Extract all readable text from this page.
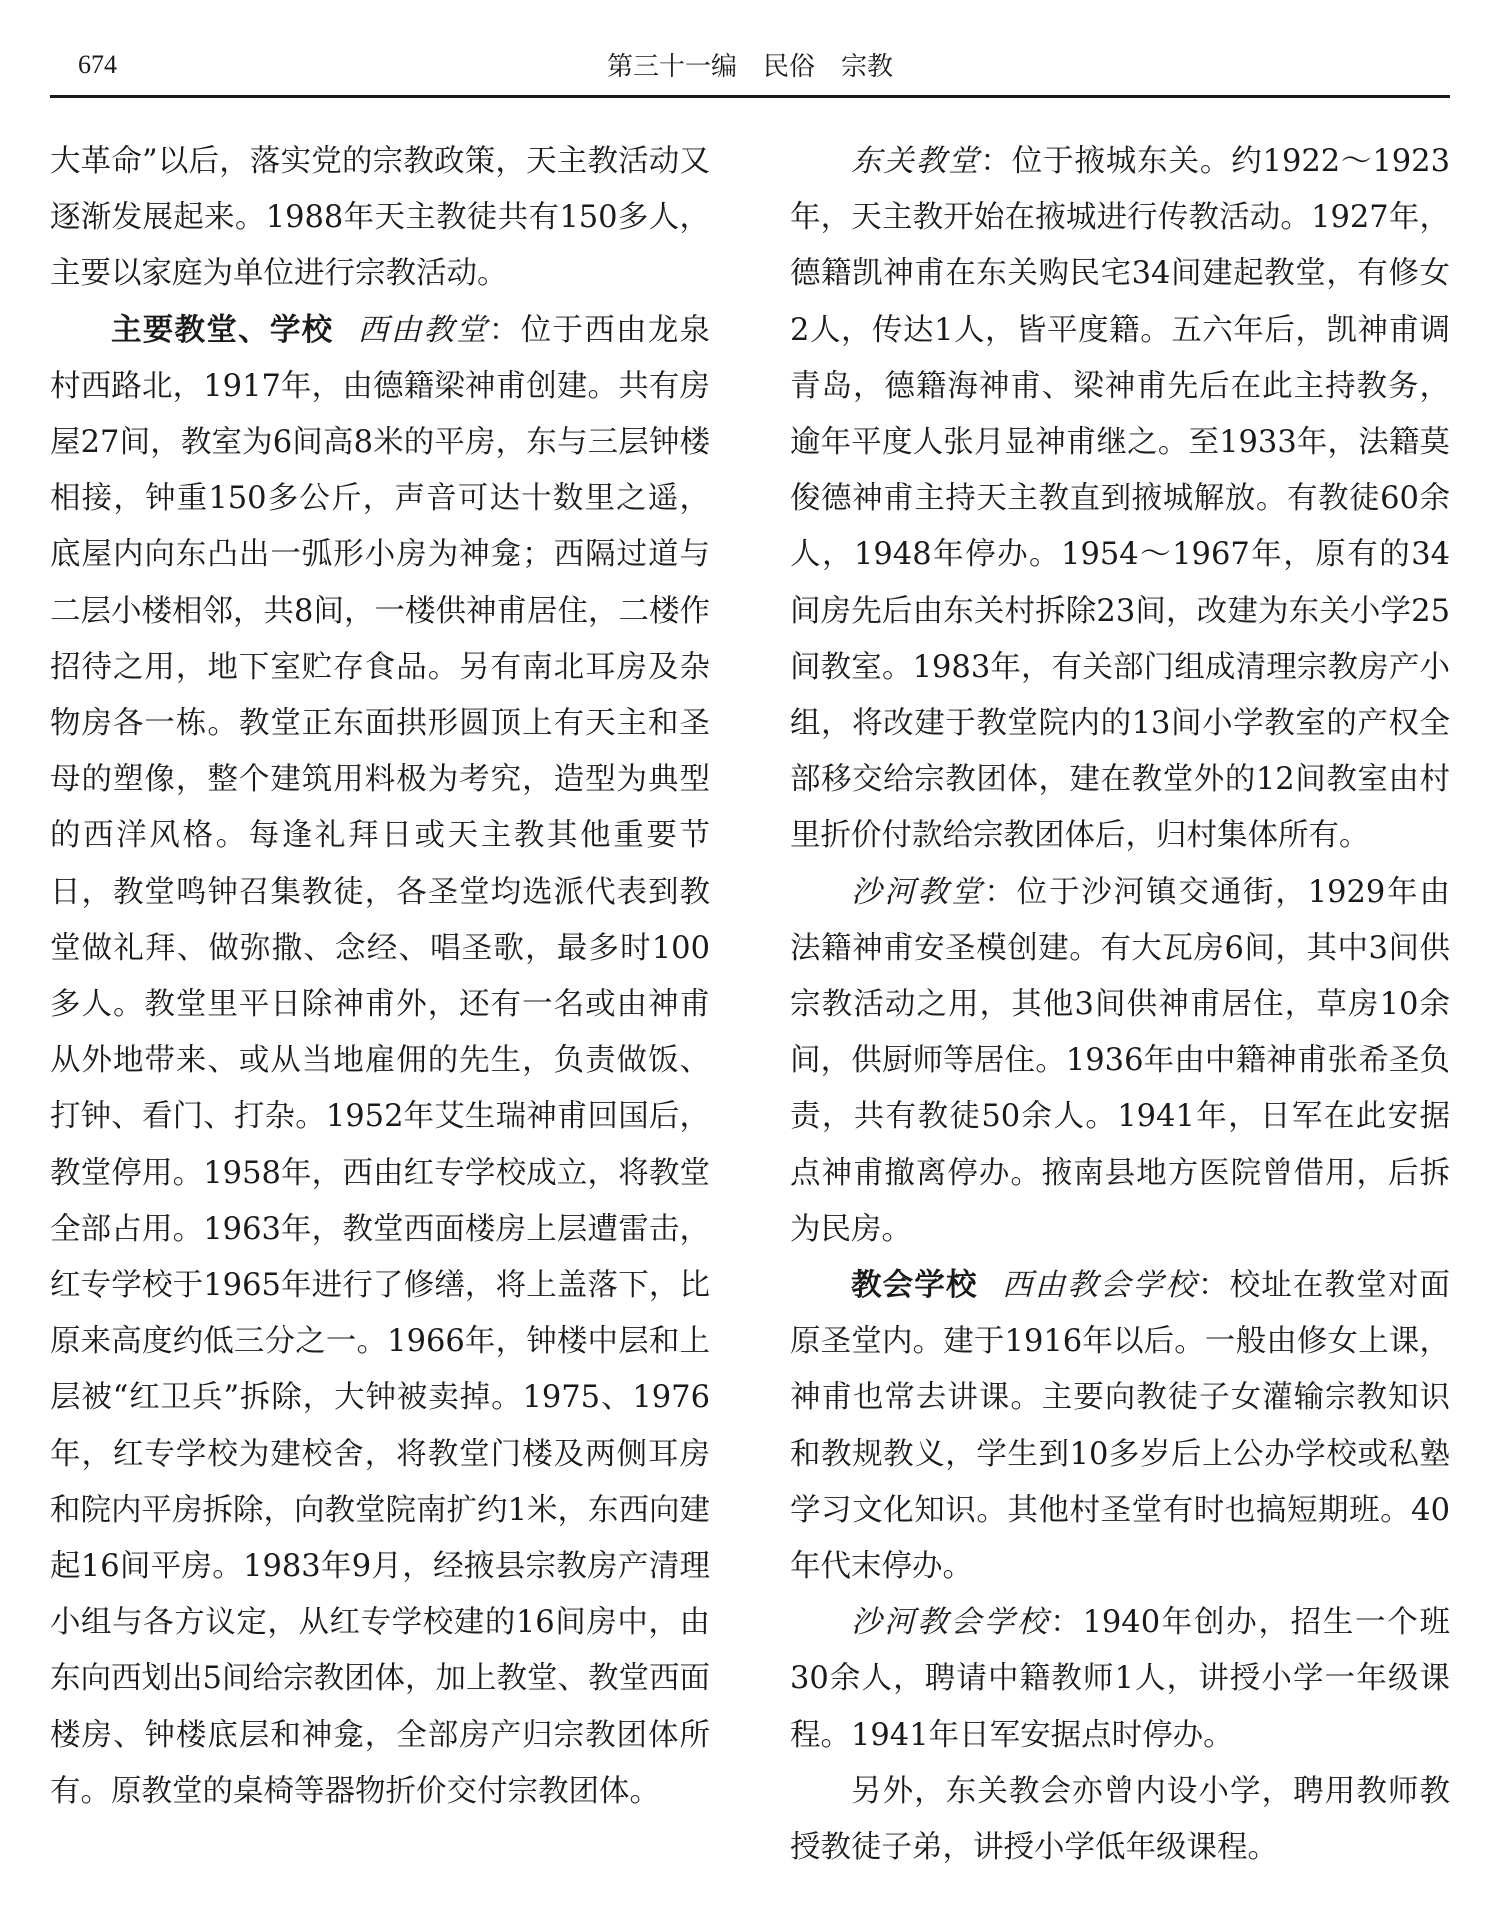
674	第三十一编　民俗　宗教

大革命”以后，落实党的宗教政策，天主教活动又逐渐发展起来。1988年天主教徒共有150多人，主要以家庭为单位进行宗教活动。

主要教堂、学校 西由教堂：位于西由龙泉村西路北，1917年，由德籍梁神甫创建。共有房屋27间，教室为6间高8米的平房，东与三层钟楼相接，钟重150多公斤，声音可达十数里之遥，底屋内向东凸出一弧形小房为神龛；西隔过道与二层小楼相邻，共8间，一楼供神甫居住，二楼作招待之用，地下室贮存食品。另有南北耳房及杂物房各一栋。教堂正东面拱形圆顶上有天主和圣母的塑像，整个建筑用料极为考究，造型为典型的西洋风格。每逢礼拜日或天主教其他重要节日，教堂鸣钟召集教徒，各圣堂均选派代表到教堂做礼拜、做弥撒、念经、唱圣歌，最多时100多人。教堂里平日除神甫外，还有一名或由神甫从外地带来、或从当地雇佣的先生，负责做饭、打钟、看门、打杂。1952年艾生瑞神甫回国后，教堂停用。1958年，西由红专学校成立，将教堂全部占用。1963年，教堂西面楼房上层遭雷击，红专学校于1965年进行了修缮，将上盖落下，比原来高度约低三分之一。1966年，钟楼中层和上层被“红卫兵”拆除，大钟被卖掉。1975、1976年，红专学校为建校舍，将教堂门楼及两侧耳房和院内平房拆除，向教堂院南扩约1米，东西向建起16间平房。1983年9月，经掖县宗教房产清理小组与各方议定，从红专学校建的16间房中，由东向西划出5间给宗教团体，加上教堂、教堂西面楼房、钟楼底层和神龛，全部房产归宗教团体所有。原教堂的桌椅等器物折价交付宗教团体。

东关教堂：位于掖城东关。约1922～1923年，天主教开始在掖城进行传教活动。1927年，德籍凯神甫在东关购民宅34间建起教堂，有修女2人，传达1人，皆平度籍。五六年后，凯神甫调青岛，德籍海神甫、梁神甫先后在此主持教务，逾年平度人张月显神甫继之。至1933年，法籍莫俊德神甫主持天主教直到掖城解放。有教徒60余人，1948年停办。1954～1967年，原有的34间房先后由东关村拆除23间，改建为东关小学25间教室。1983年，有关部门组成清理宗教房产小组，将改建于教堂院内的13间小学教室的产权全部移交给宗教团体，建在教堂外的12间教室由村里折价付款给宗教团体后，归村集体所有。

沙河教堂：位于沙河镇交通街，1929年由法籍神甫安圣模创建。有大瓦房6间，其中3间供宗教活动之用，其他3间供神甫居住，草房10余间，供厨师等居住。1936年由中籍神甫张希圣负责，共有教徒50余人。1941年，日军在此安据点神甫撤离停办。掖南县地方医院曾借用，后拆为民房。

教会学校 西由教会学校：校址在教堂对面原圣堂内。建于1916年以后。一般由修女上课，神甫也常去讲课。主要向教徒子女灌输宗教知识和教规教义，学生到10多岁后上公办学校或私塾学习文化知识。其他村圣堂有时也搞短期班。40年代末停办。

沙河教会学校：1940年创办，招生一个班30余人，聘请中籍教师1人，讲授小学一年级课程。1941年日军安据点时停办。

另外，东关教会亦曾内设小学，聘用教师教授教徒子弟，讲授小学低年级课程。
